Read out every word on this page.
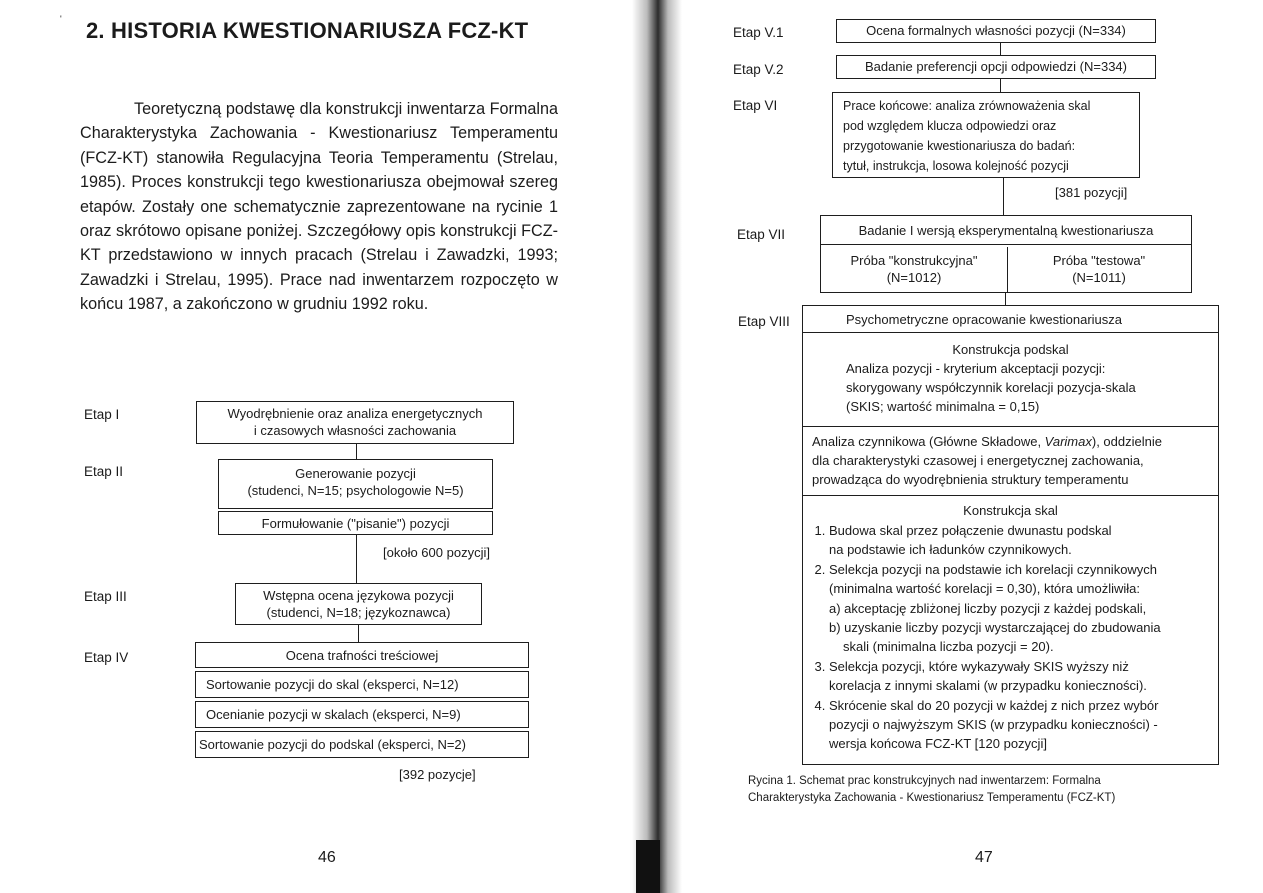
' 2. HISTORIA KWESTIONARIUSZA FCZ-KT
Teoretyczną podstawę dla konstrukcji inwentarza Formalna Charakterystyka Zachowania - Kwestionariusz Temperamentu (FCZ-KT) stanowiła Regulacyjna Teoria Temperamentu (Strelau, 1985). Proces konstrukcji tego kwestionariusza obejmował szereg etapów. Zostały one schematycznie zaprezentowane na rycinie 1 oraz skrótowo opisane poniżej. Szczegółowy opis konstrukcji FCZ-KT przedstawiono w innych pracach (Strelau i Zawadzki, 1993; Zawadzki i Strelau, 1995). Prace nad inwentarzem rozpoczęto w końcu 1987, a zakończono w grudniu 1992 roku.
Etap I	Wyodrębnienie oraz analiza energetycznych
i czasowych własności zachowania
Etap II	Generowanie pozycji
(studenci, N=15; psychologowie N=5)
Formułowanie ("pisanie") pozycji
[około 600 pozycji]
Etap III	Wstępna ocena językowa pozycji
(studenci, N=18; językoznawca)
Etap IV	Ocena trafności treściowej
Sortowanie pozycji do skal (eksperci, N=12)
Ocenianie pozycji w skalach (eksperci, N=9)
Sortowanie pozycji do podskal (eksperci, N=2)
[392 pozycje]
46
Etap V.1	Ocena formalnych własności pozycji (N=334)
Etap V.2	Badanie preferencji opcji odpowiedzi (N=334)
Etap VI	Prace końcowe: analiza zrównoważenia skal
pod względem klucza odpowiedzi oraz
przygotowanie kwestionariusza do badań:
tytuł, instrukcja, losowa kolejność pozycji
[381 pozycji]
Etap VII	Badanie I wersją eksperymentalną kwestionariusza
Próba "konstrukcyjna"
(N=1012)
Próba "testowa"
(N=1011)
Etap VIII	Psychometryczne opracowanie kwestionariusza
Konstrukcja podskal
Analiza pozycji - kryterium akceptacji pozycji:
skorygowany współczynnik korelacji pozycja-skala
(SKIS; wartość minimalna = 0,15)
Analiza czynnikowa (Główne Składowe, Varimax), oddzielnie
dla charakterystyki czasowej i energetycznej zachowania,
prowadząca do wyodrębnienia struktury temperamentu
Konstrukcja skal
1. Budowa skal przez połączenie dwunastu podskal
na podstawie ich ładunków czynnikowych.
2. Selekcja pozycji na podstawie ich korelacji czynnikowych
(minimalna wartość korelacji = 0,30), która umożliwiła:
a) akceptację zbliżonej liczby pozycji z każdej podskali,
b) uzyskanie liczby pozycji wystarczającej do zbudowania
skali (minimalna liczba pozycji = 20).
3. Selekcja pozycji, które wykazywały SKIS wyższy niż
korelacja z innymi skalami (w przypadku konieczności).
4. Skrócenie skal do 20 pozycji w każdej z nich przez wybór
pozycji o najwyższym SKIS (w przypadku konieczności) -
wersja końcowa FCZ-KT [120 pozycji]
Rycina 1. Schemat prac konstrukcyjnych nad inwentarzem: Formalna
Charakterystyka Zachowania - Kwestionariusz Temperamentu (FCZ-KT)
47
